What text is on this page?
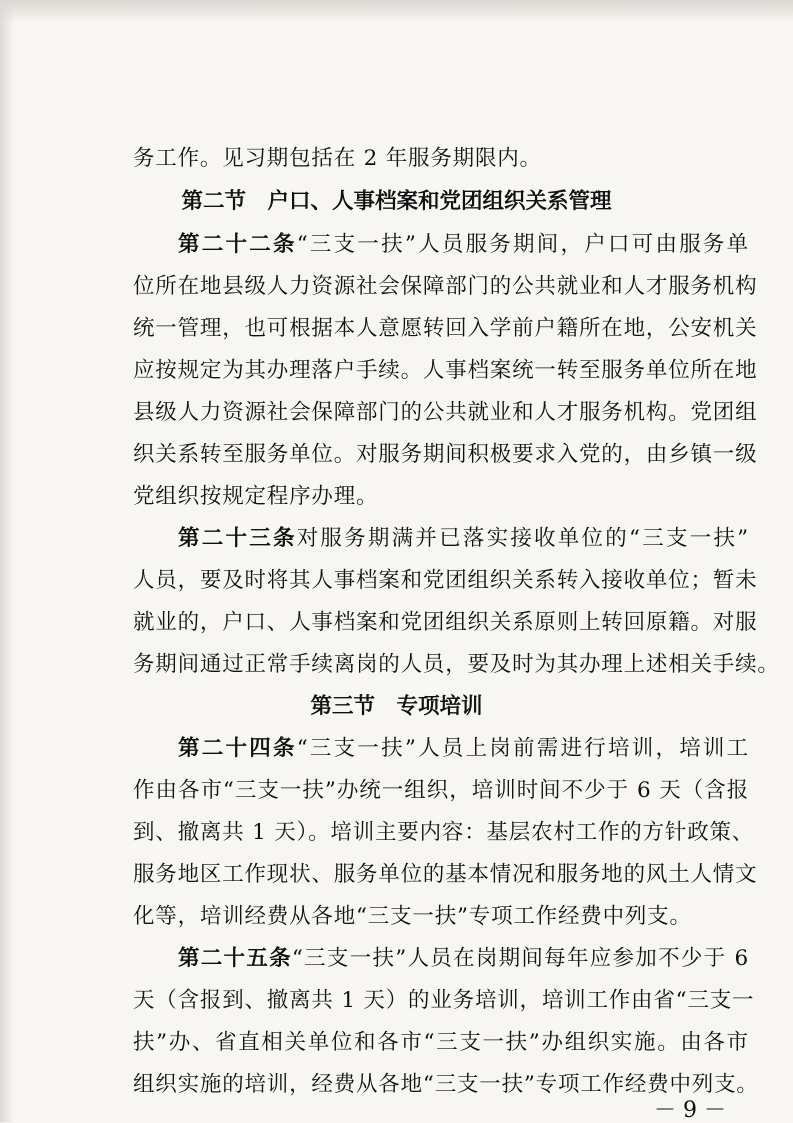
务工作。见习期包括在 2 年服务期限内。
第二节　户口、人事档案和党团组织关系管理
第二十二条“三支一扶”人员服务期间，户口可由服务单
位所在地县级人力资源社会保障部门的公共就业和人才服务机构
统一管理，也可根据本人意愿转回入学前户籍所在地，公安机关
应按规定为其办理落户手续。人事档案统一转至服务单位所在地
县级人力资源社会保障部门的公共就业和人才服务机构。党团组
织关系转至服务单位。对服务期间积极要求入党的，由乡镇一级
党组织按规定程序办理。
第二十三条对服务期满并已落实接收单位的“三支一扶”
人员，要及时将其人事档案和党团组织关系转入接收单位；暂未
就业的，户口、人事档案和党团组织关系原则上转回原籍。对服
务期间通过正常手续离岗的人员，要及时为其办理上述相关手续。
第三节　专项培训
第二十四条“三支一扶”人员上岗前需进行培训，培训工
作由各市“三支一扶”办统一组织，培训时间不少于 6 天（含报
到、撤离共 1 天）。培训主要内容：基层农村工作的方针政策、
服务地区工作现状、服务单位的基本情况和服务地的风土人情文
化等，培训经费从各地“三支一扶”专项工作经费中列支。
第二十五条“三支一扶”人员在岗期间每年应参加不少于 6
天（含报到、撤离共 1 天）的业务培训，培训工作由省“三支一
扶”办、省直相关单位和各市“三支一扶”办组织实施。由各市
组织实施的培训，经费从各地“三支一扶”专项工作经费中列支。
－ 9 －
